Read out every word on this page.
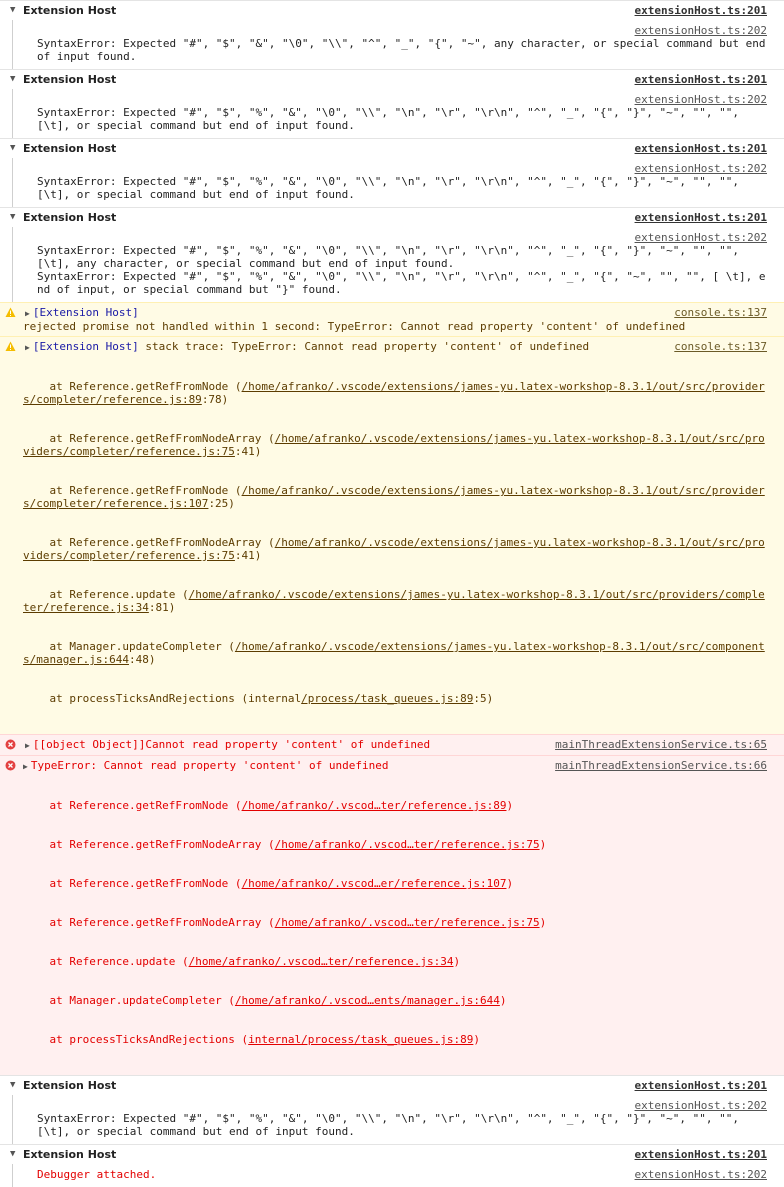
▼ Extension Host	extensionHost.ts:201
extensionHost.ts:202
SyntaxError: Expected "#", "$", "&", "\0", "\\", "^", "_", "{", "~", any character, or special command but end of input found.
▼ Extension Host	extensionHost.ts:201
extensionHost.ts:202
SyntaxError: Expected "#", "$", "%", "&", "\0", "\\", "\n", "\r", "\r\n", "^", "_", "{", "}", "~", "", "", [\t], or special command but end of input found.
▼ Extension Host	extensionHost.ts:201
extensionHost.ts:202
SyntaxError: Expected "#", "$", "%", "&", "\0", "\\", "\n", "\r", "\r\n", "^", "_", "{", "}", "~", "", "", [\t], or special command but end of input found.
▼ Extension Host	extensionHost.ts:201
extensionHost.ts:202
SyntaxError: Expected "#", "$", "%", "&", "\0", "\\", "\n", "\r", "\r\n", "^", "_", "{", "}", "~", "", "", [\t], any character, or special command but end of input found.
SyntaxError: Expected "#", "$", "%", "&", "\0", "\\", "\n", "\r", "\r\n", "^", "_", "{", "~", "", "", [ \t], end of input, or special command but "}" found.
▶ [Extension Host]	console.ts:137
rejected promise not handled within 1 second: TypeError: Cannot read property 'content' of undefined
▶ [Extension Host] stack trace: TypeError: Cannot read property 'content' of undefined	console.ts:137

at Reference.getRefFromNode (/home/afranko/.vscode/extensions/james-yu.latex-workshop-8.3.1/out/src/providers/completer/reference.js:89:78)

at Reference.getRefFromNodeArray (/home/afranko/.vscode/extensions/james-yu.latex-workshop-8.3.1/out/src/providers/completer/reference.js:75:41)

at Reference.getRefFromNode (/home/afranko/.vscode/extensions/james-yu.latex-workshop-8.3.1/out/src/providers/completer/reference.js:107:25)

at Reference.getRefFromNodeArray (/home/afranko/.vscode/extensions/james-yu.latex-workshop-8.3.1/out/src/providers/completer/reference.js:75:41)

at Reference.update (/home/afranko/.vscode/extensions/james-yu.latex-workshop-8.3.1/out/src/providers/completer/reference.js:34:81)

at Manager.updateCompleter (/home/afranko/.vscode/extensions/james-yu.latex-workshop-8.3.1/out/src/components/manager.js:644:48)

at processTicksAndRejections (internal/process/task_queues.js:89:5)

▶ [[object Object]]Cannot read property 'content' of undefined	mainThreadExtensionService.ts:65
▶ TypeError: Cannot read property 'content' of undefined	mainThreadExtensionService.ts:66

at Reference.getRefFromNode (/home/afranko/.vscod…ter/reference.js:89)

at Reference.getRefFromNodeArray (/home/afranko/.vscod…ter/reference.js:75)

at Reference.getRefFromNode (/home/afranko/.vscod…er/reference.js:107)

at Reference.getRefFromNodeArray (/home/afranko/.vscod…ter/reference.js:75)

at Reference.update (/home/afranko/.vscod…ter/reference.js:34)

at Manager.updateCompleter (/home/afranko/.vscod…ents/manager.js:644)

at processTicksAndRejections (internal/process/task_queues.js:89)

▼ Extension Host	extensionHost.ts:201
extensionHost.ts:202
SyntaxError: Expected "#", "$", "%", "&", "\0", "\\", "\n", "\r", "\r\n", "^", "_", "{", "}", "~", "", "", [\t], or special command but end of input found.
▼ Extension Host	extensionHost.ts:201
Debugger attached.	extensionHost.ts:202
